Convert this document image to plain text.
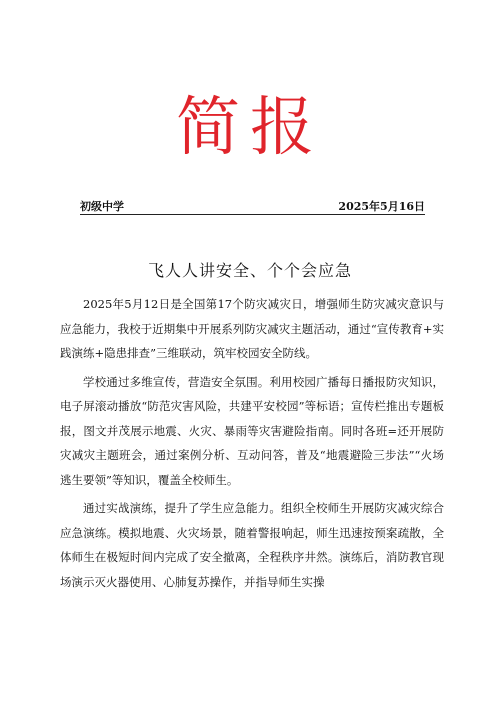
简报
初级中学	2025年5月16日
飞人人讲安全、个个会应急

2025年5月12日是全国第17个防灾减灾日，增强师生防灾减灾意识与应急能力，我校于近期集中开展系列防灾减灾主题活动，通过“宣传教育+实践演练+隐患排查”三维联动，筑牢校园安全防线。

学校通过多维宣传，营造安全氛围。利用校园广播每日播报防灾知识，电子屏滚动播放“防范灾害风险，共建平安校园”等标语；宣传栏推出专题板报，图文并茂展示地震、火灾、暴雨等灾害避险指南。同时各班=还开展防灾减灾主题班会，通过案例分析、互动问答，普及“地震避险三步法”“火场逃生要领”等知识，覆盖全校师生。

通过实战演练，提升了学生应急能力。组织全校师生开展防灾减灾综合应急演练。模拟地震、火灾场景，随着警报响起，师生迅速按预案疏散，全体师生在极短时间内完成了安全撤离，全程秩序井然。演练后，消防教官现场演示灭火器使用、心肺复苏操作，并指导师生实操
